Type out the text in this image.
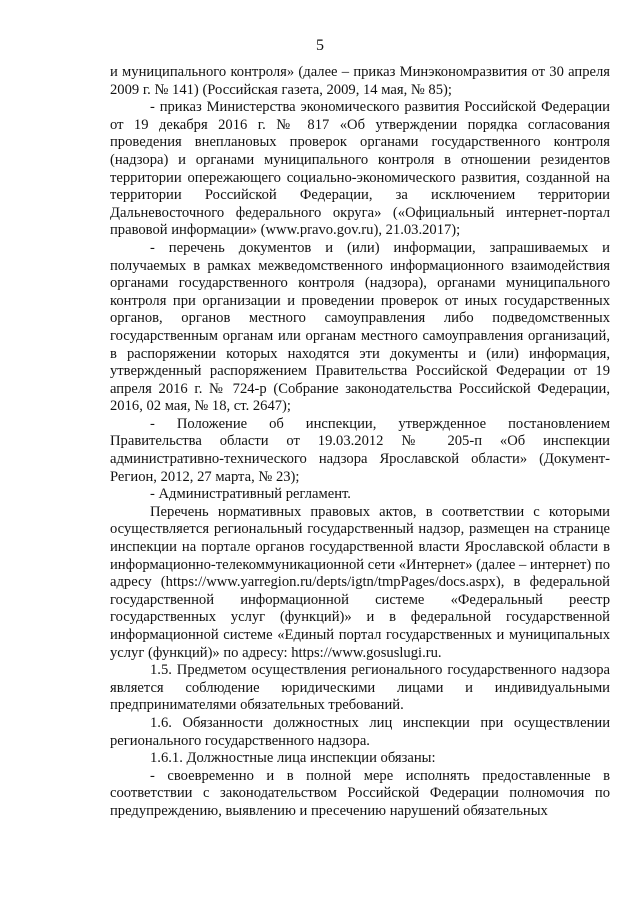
5

и муниципального контроля» (далее – приказ Минэкономразвития от 30 апреля 2009 г. № 141) (Российская газета, 2009, 14 мая, № 85);

- приказ Министерства экономического развития Российской Федерации от 19 декабря 2016 г. № 817 «Об утверждении порядка согласования проведения внеплановых проверок органами государственного контроля (надзора) и органами муниципального контроля в отношении резидентов территории опережающего социально-экономического развития, созданной на территории Российской Федерации, за исключением территории Дальневосточного федерального округа» («Официальный интернет-портал правовой информации» (www.pravo.gov.ru), 21.03.2017);

- перечень документов и (или) информации, запрашиваемых и получаемых в рамках межведомственного информационного взаимодействия органами государственного контроля (надзора), органами муниципального контроля при организации и проведении проверок от иных государственных органов, органов местного самоуправления либо подведомственных государственным органам или органам местного самоуправления организаций, в распоряжении которых находятся эти документы и (или) информация, утвержденный распоряжением Правительства Российской Федерации от 19 апреля 2016 г. № 724-р (Собрание законодательства Российской Федерации, 2016, 02 мая, № 18, ст. 2647);

- Положение об инспекции, утвержденное постановлением Правительства области от 19.03.2012 № 205-п «Об инспекции административно-технического надзора Ярославской области» (Документ-Регион, 2012, 27 марта, № 23);

- Административный регламент.

Перечень нормативных правовых актов, в соответствии с которыми осуществляется региональный государственный надзор, размещен на странице инспекции на портале органов государственной власти Ярославской области в информационно-телекоммуникационной сети «Интернет» (далее – интернет) по адресу (https://www.yarregion.ru/depts/igtn/tmpPages/docs.aspx), в федеральной государственной информационной системе «Федеральный реестр государственных услуг (функций)» и в федеральной государственной информационной системе «Единый портал государственных и муниципальных услуг (функций)» по адресу: https://www.gosuslugi.ru.

1.5. Предметом осуществления регионального государственного надзора является соблюдение юридическими лицами и индивидуальными предпринимателями обязательных требований.

1.6. Обязанности должностных лиц инспекции при осуществлении регионального государственного надзора.

1.6.1. Должностные лица инспекции обязаны:

- своевременно и в полной мере исполнять предоставленные в соответствии с законодательством Российской Федерации полномочия по предупреждению, выявлению и пресечению нарушений обязательных
